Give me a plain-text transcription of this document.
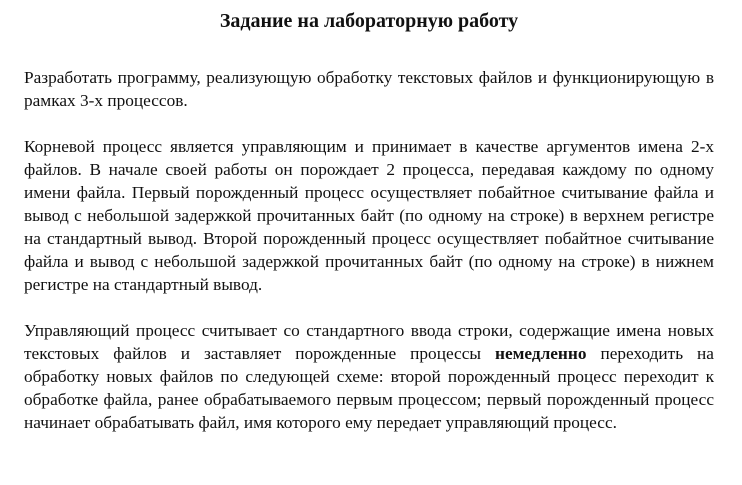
Задание на лабораторную работу

Разработать программу, реализующую обработку текстовых файлов и функционирующую в рамках 3-х процессов.

Корневой процесс является управляющим и принимает в качестве аргументов имена 2-х файлов. В начале своей работы он порождает 2 процесса, передавая каждому по одному имени файла. Первый порожденный процесс осуществляет побайтное считывание файла и вывод с небольшой задержкой прочитанных байт (по одному на строке) в верхнем регистре на стандартный вывод. Второй порожденный процесс осуществляет побайтное считывание файла и вывод с небольшой задержкой прочитанных байт (по одному на строке) в нижнем регистре на стандартный вывод.

Управляющий процесс считывает со стандартного ввода строки, содержащие имена новых текстовых файлов и заставляет порожденные процессы немедленно переходить на обработку новых файлов по следующей схеме: второй порожденный процесс переходит к обработке файла, ранее обрабатываемого первым процессом; первый порожденный процесс начинает обрабатывать файл, имя которого ему передает управляющий процесс.
